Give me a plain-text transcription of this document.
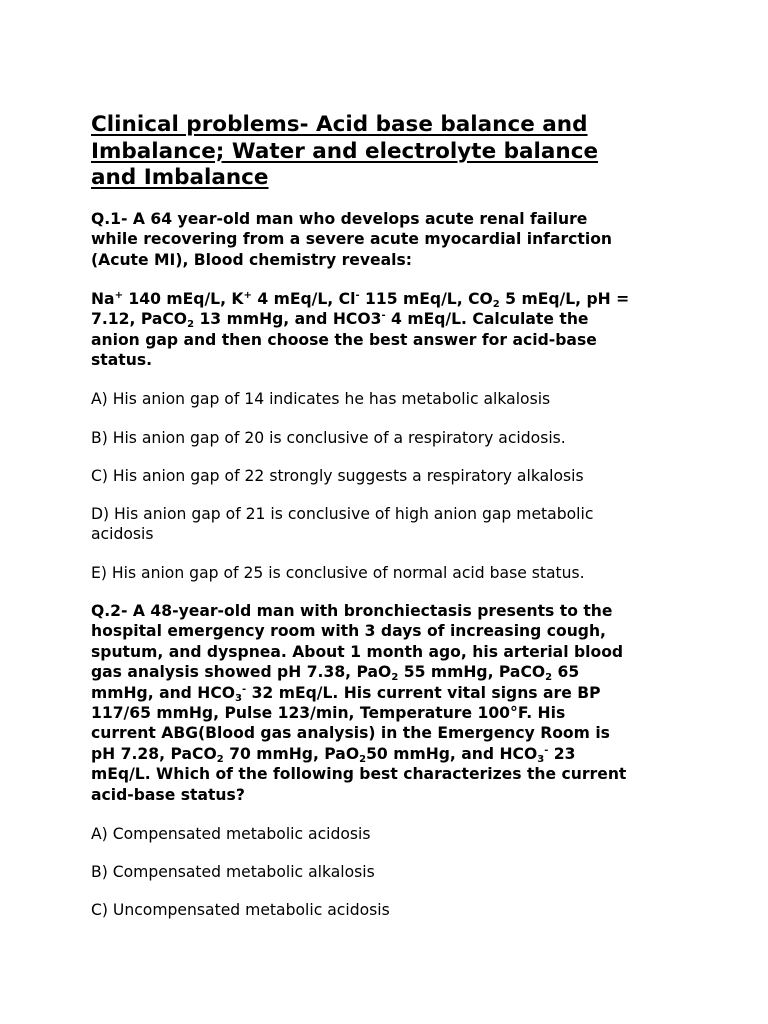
Clinical problems- Acid base balance and
Imbalance; Water and electrolyte balance
and Imbalance
Q.1- A 64 year-old man who develops acute renal failure
while recovering from a severe acute myocardial infarction
(Acute MI), Blood chemistry reveals:
Na+ 140 mEq/L, K+ 4 mEq/L, Cl- 115 mEq/L, $CO_2$ 5 mEq/L, pH =
7.12, PaCO$_2$ 13 mmHg, and HCO3- 4 mEq/L. Calculate the
anion gap and then choose the best answer for acid-base
status.
A) His anion gap of 14 indicates he has metabolic alkalosis
B) His anion gap of 20 is conclusive of a respiratory acidosis.
C) His anion gap of 22 strongly suggests a respiratory alkalosis
D) His anion gap of 21 is conclusive of high anion gap metabolic
acidosis
E) His anion gap of 25 is conclusive of normal acid base status.
Q.2- A 48-year-old man with bronchiectasis presents to the
hospital emergency room with 3 days of increasing cough,
sputum, and dyspnea. About 1 month ago, his arterial blood
gas analysis showed pH 7.38, PaO$_2$ 55 mmHg, PaCO$_2$ 65
mmHg, and $HCO_3^-$ 32 mEq/L. His current vital signs are BP
117/65 mmHg, Pulse 123/min, Temperature 100°F. His
current ABG(Blood gas analysis) in the Emergency Room is
pH 7.28, PaCO$_2$ 70 mmHg, PaO$_2$50 mmHg, and $HCO_3^-$ 23
mEq/L. Which of the following best characterizes the current
acid-base status?
A) Compensated metabolic acidosis
B) Compensated metabolic alkalosis
C) Uncompensated metabolic acidosis
